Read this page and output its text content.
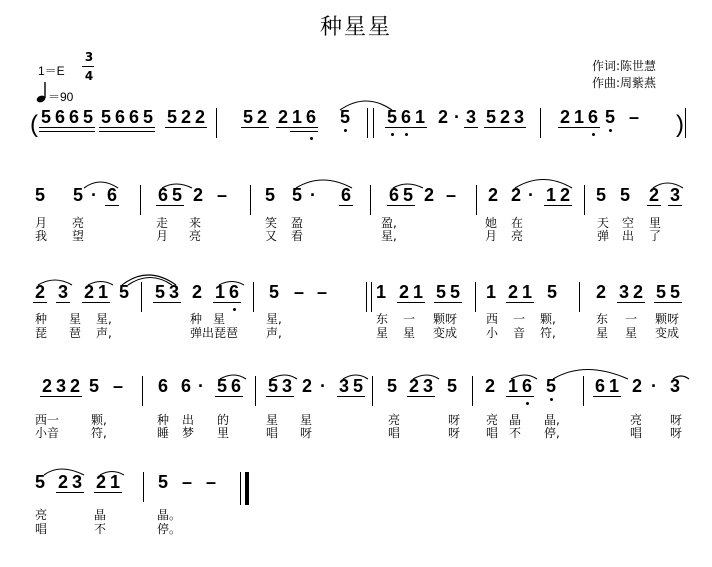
种星星
1＝E
3
4
＝90
作词:陈世慧
作曲:周紫燕
(	)
5 6 6 5 5 6 6 5 5 2 2 5 2 2 1 6 5 5 6 1 2 · 3 5 2 3 2 1 6 5 –
5 5 · 6 6 5 2 – 5 5 · 6 6 5 2 – 2 2 · 1 2 5 5 2 3
2 3 2 1 5 5 3 2 1 6 5 – –	1 2 1 5 5 1 2 1 5 2 3 2 5 5
2 3 2 5 – 6 6 · 5 6 5 3 2 · 3 5 5 2 3 5 2 1 6 5 6 1 2 · 3
5 2 3 2 1 5 – –
月 亮	走 来	笑 盈	盈,	她 在	天 空 里
我 望	月 亮	又 看	星,	月 亮	弹 出 了
种 星 星,	种 星	星,	东 一 颗呀 西 一 颗,	东 一 颗呀
琵 琶 声,	弹出琵琶 声,	星 星 变成 小 音 符,	星 星 变成
西一	颗,	种 出 的	星 星	亮	呀 亮 晶 晶,	亮 呀
小音	符,	睡 梦 里	唱 呀	唱	呀 唱 不 停,	唱 呀
亮	晶	晶。
唱	不	停。
